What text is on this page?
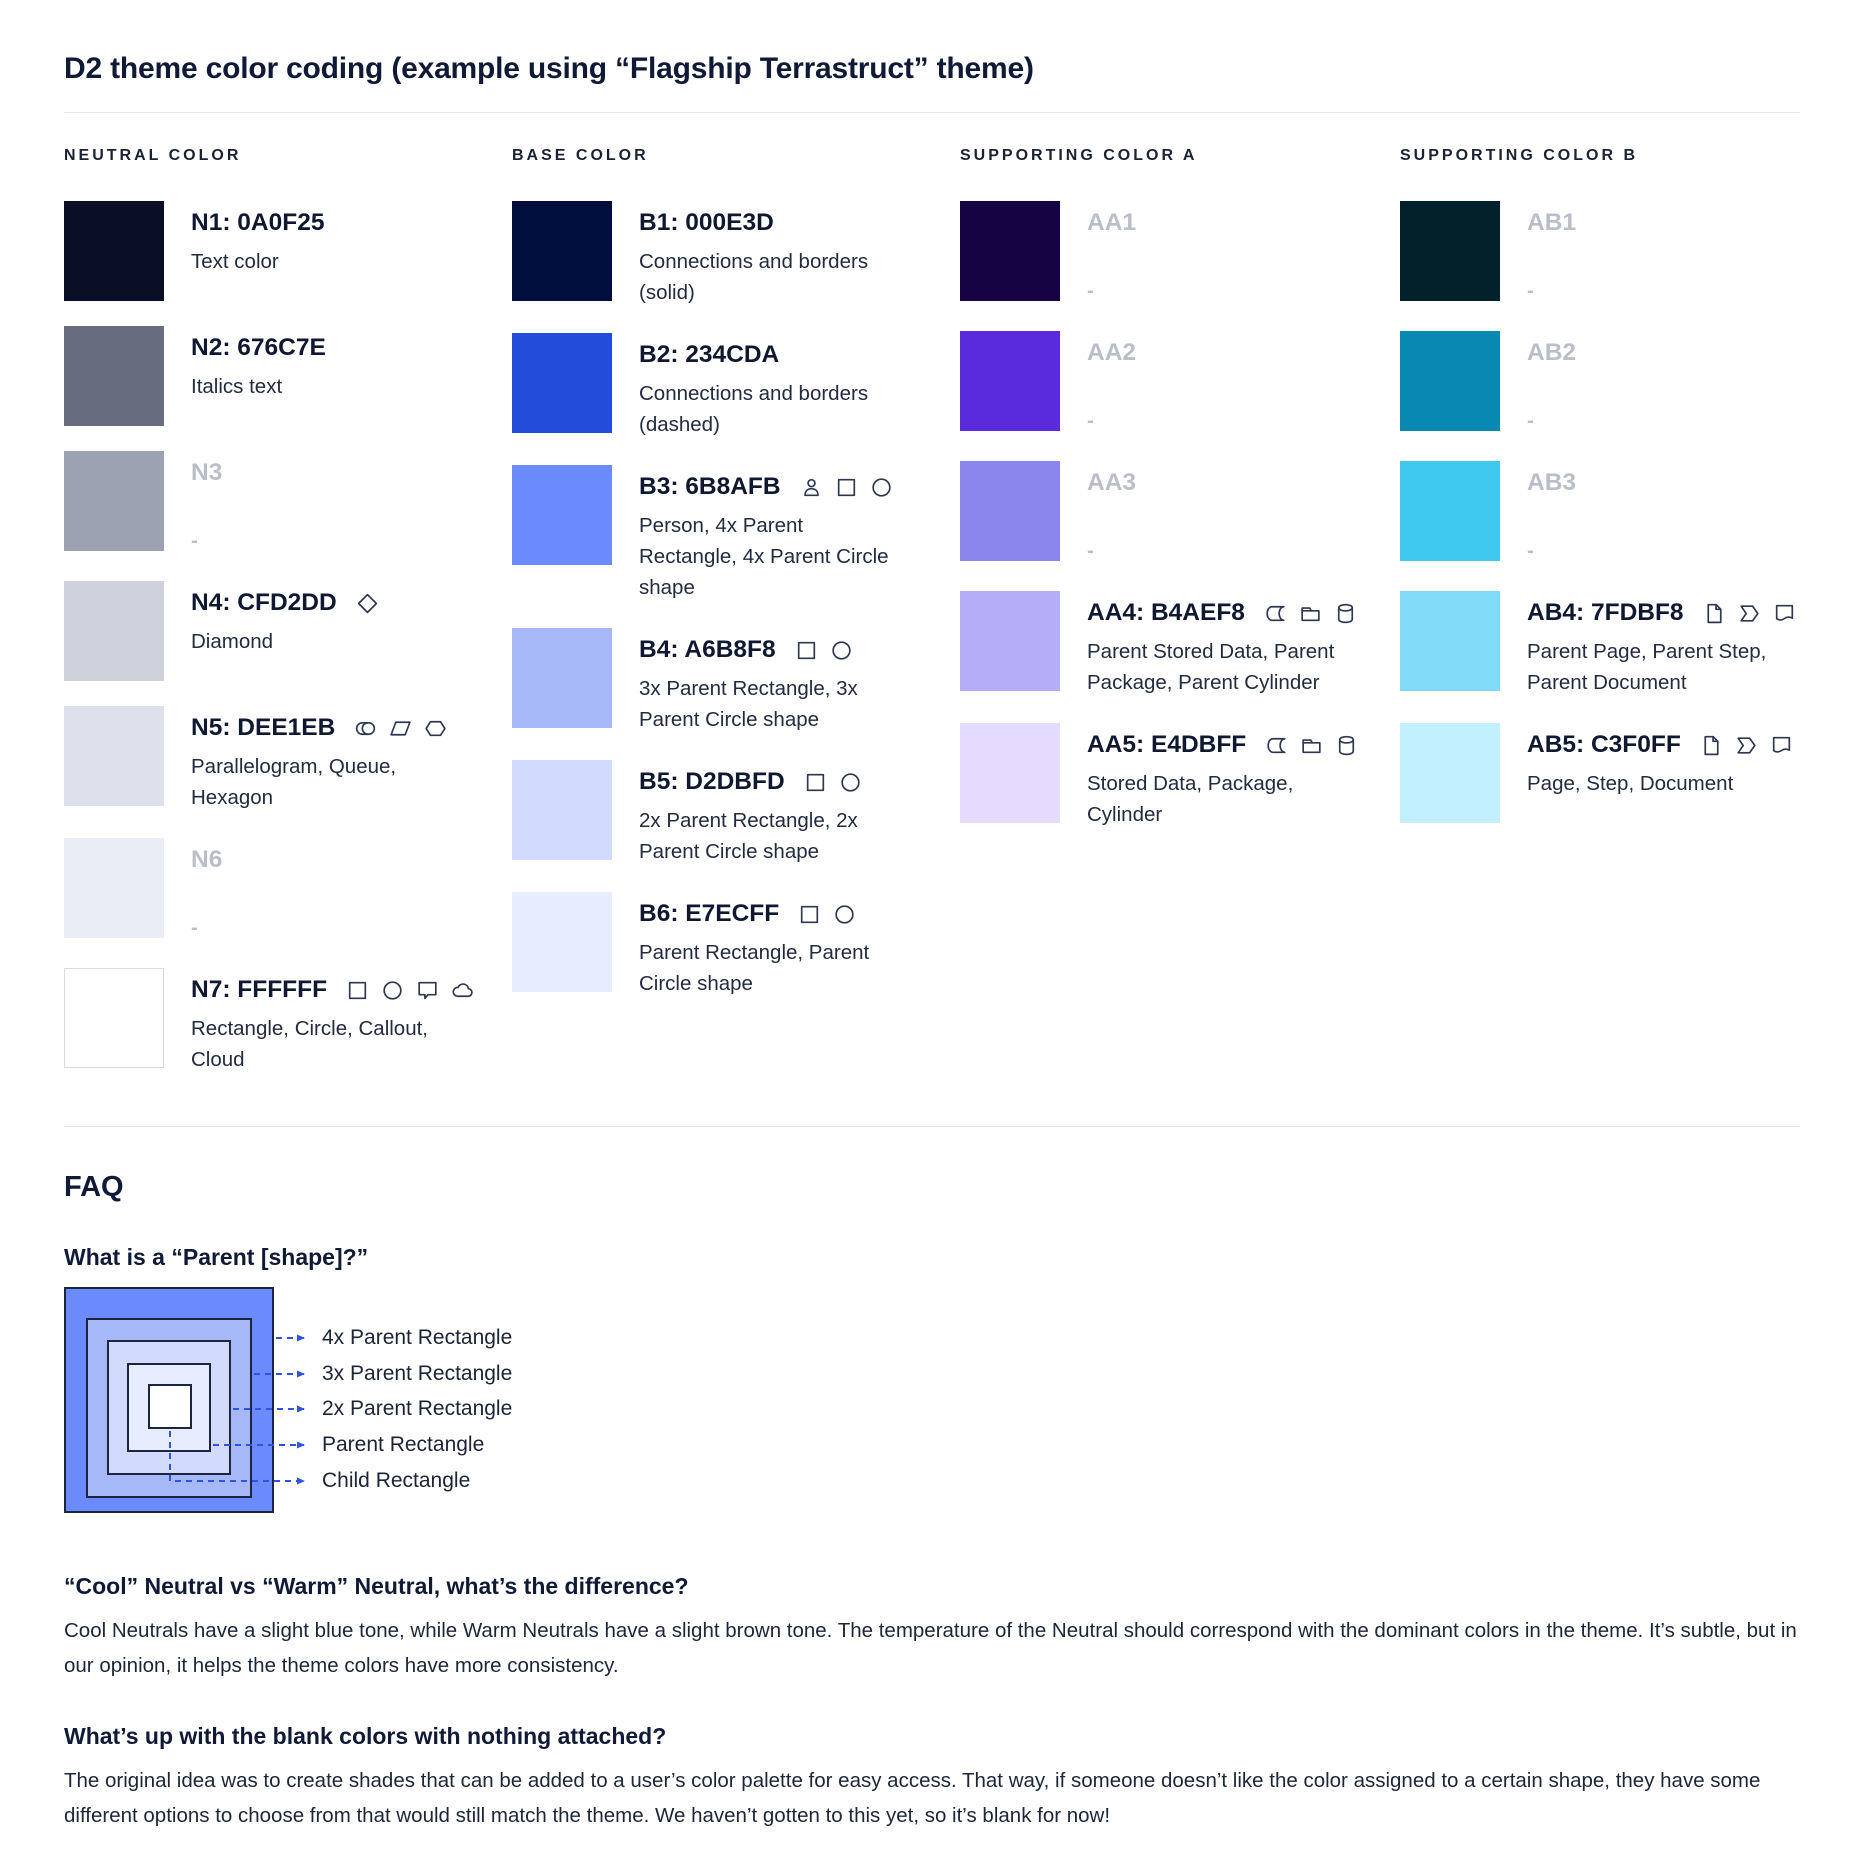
D2 theme color coding (example using “Flagship Terrastruct” theme)
NEUTRAL COLOR
N1: 0A0F25
Text color
N2: 676C7E
Italics text
N3
-
N4: CFD2DD
Diamond
N5: DEE1EB
Parallelogram, Queue, Hexagon
N6
-
N7: FFFFFF
Rectangle, Circle, Callout, Cloud
BASE COLOR
B1: 000E3D
Connections and borders (solid)
B2: 234CDA
Connections and borders (dashed)
B3: 6B8AFB
Person, 4x Parent Rectangle, 4x Parent Circle shape
B4: A6B8F8
3x Parent Rectangle, 3x Parent Circle shape
B5: D2DBFD
2x Parent Rectangle, 2x Parent Circle shape
B6: E7ECFF
Parent Rectangle, Parent Circle shape
SUPPORTING COLOR A
AA1
-
AA2
-
AA3
-
AA4: B4AEF8
Parent Stored Data, Parent Package, Parent Cylinder
AA5: E4DBFF
Stored Data, Package, Cylinder
SUPPORTING COLOR B
AB1
-
AB2
-
AB3
-
AB4: 7FDBF8
Parent Page, Parent Step, Parent Document
AB5: C3F0FF
Page, Step, Document
FAQ
What is a “Parent [shape]?”
4x Parent Rectangle
3x Parent Rectangle
2x Parent Rectangle
Parent Rectangle
Child Rectangle
“Cool” Neutral vs “Warm” Neutral, what’s the difference?
Cool Neutrals have a slight blue tone, while Warm Neutrals have a slight brown tone. The temperature of the Neutral should correspond with the dominant colors in the theme. It’s subtle, but in our opinion, it helps the theme colors have more consistency.
What’s up with the blank colors with nothing attached?
The original idea was to create shades that can be added to a user’s color palette for easy access. That way, if someone doesn’t like the color assigned to a certain shape, they have some different options to choose from that would still match the theme. We haven’t gotten to this yet, so it’s blank for now!
